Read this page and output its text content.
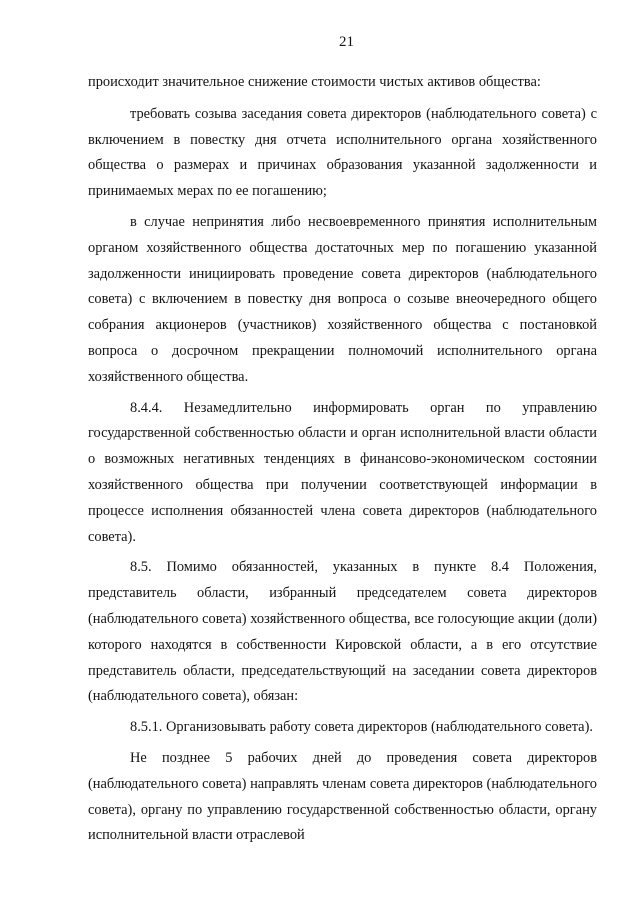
21

происходит значительное снижение стоимости чистых активов общества:

требовать созыва заседания совета директоров (наблюдательного совета) с включением в повестку дня отчета исполнительного органа хозяйственного общества о размерах и причинах образования указанной задолженности и принимаемых мерах по ее погашению;

в случае непринятия либо несвоевременного принятия исполнительным органом хозяйственного общества достаточных мер по погашению указанной задолженности инициировать проведение совета директоров (наблюдательного совета) с включением в повестку дня вопроса о созыве внеочередного общего собрания акционеров (участников) хозяйственного общества с постановкой вопроса о досрочном прекращении полномочий исполнительного органа хозяйственного общества.

8.4.4. Незамедлительно информировать орган по управлению государственной собственностью области и орган исполнительной власти области о возможных негативных тенденциях в финансово-экономическом состоянии хозяйственного общества при получении соответствующей информации в процессе исполнения обязанностей члена совета директоров (наблюдательного совета).

8.5. Помимо обязанностей, указанных в пункте 8.4 Положения, представитель области, избранный председателем совета директоров (наблюдательного совета) хозяйственного общества, все голосующие акции (доли) которого находятся в собственности Кировской области, а в его отсутствие представитель области, председательствующий на заседании совета директоров (наблюдательного совета), обязан:

8.5.1. Организовывать работу совета директоров (наблюдательного совета).

Не позднее 5 рабочих дней до проведения совета директоров (наблюдательного совета) направлять членам совета директоров (наблюдательного совета), органу по управлению государственной собственностью области, органу исполнительной власти отраслевой
